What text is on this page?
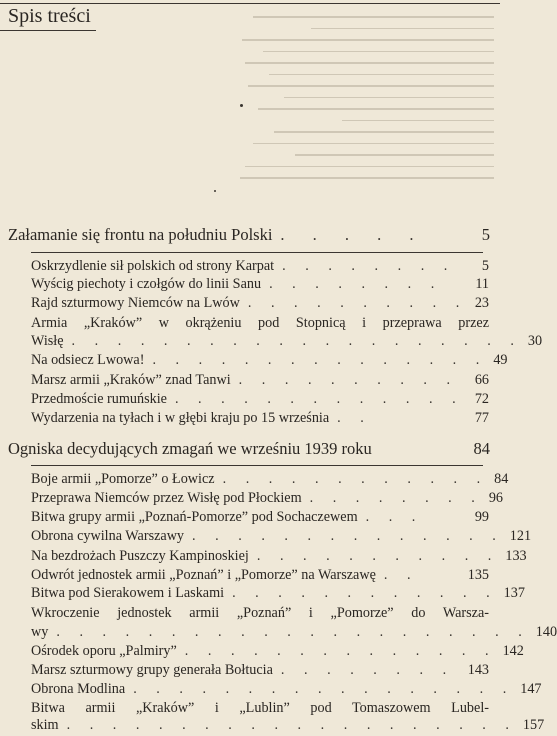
Spis treści
Załamanie się frontu na południu Polski . . . . .	5
Oskrzydlenie sił polskich od strony Karpat . . . . . . . .	5
Wyścig piechoty i czołgów do linii Sanu . . . . . . . .	11
Rajd szturmowy Niemców na Lwów . . . . . . . . . . 23
Armia „Kraków” w okrążeniu pod Stopnicą i przeprawa przez
Wisłę . . . . . . . . . . . . . . . . . . . . 30
Na odsiecz Lwowa! . . . . . . . . . . . . . . . 49
Marsz armii „Kraków” znad Tanwi . . . . . . . . . .	66
Przedmoście rumuńskie . . . . . . . . . . . . . 72
Wydarzenia na tyłach i w głębi kraju po 15 września . .	77
Ogniska decydujących zmagań we wrześniu 1939 roku	84
Boje armii „Pomorze” o Łowicz . . . . . . . . . . . . 84
Przeprawa Niemców przez Wisłę pod Płockiem . . . . . . . . 96
Bitwa grupy armii „Poznań-Pomorze” pod Sochaczewem . . .	99
Obrona cywilna Warszawy . . . . . . . . . . . . . . 121
Na bezdrożach Puszczy Kampinoskiej . . . . . . . . . . . 133
Odwrót jednostek armii „Poznań” i „Pomorze” na Warszawę . .	135
Bitwa pod Sierakowem i Laskami . . . . . . . . . . . . 137
Wkroczenie jednostek armii „Poznań” i „Pomorze” do Warsza-
wy . . . . . . . . . . . . . . . . . . . . . 140
Ośrodek oporu „Palmiry” . . . . . . . . . . . . . . 142
Marsz szturmowy grupy generała Bołtucia . . . . . . . . 143
Obrona Modlina . . . . . . . . . . . . . . . . . 147
Bitwa armii „Kraków” i „Lublin” pod Tomaszowem Lubel-
skim . . . . . . . . . . . . . . . . . . . . 157
